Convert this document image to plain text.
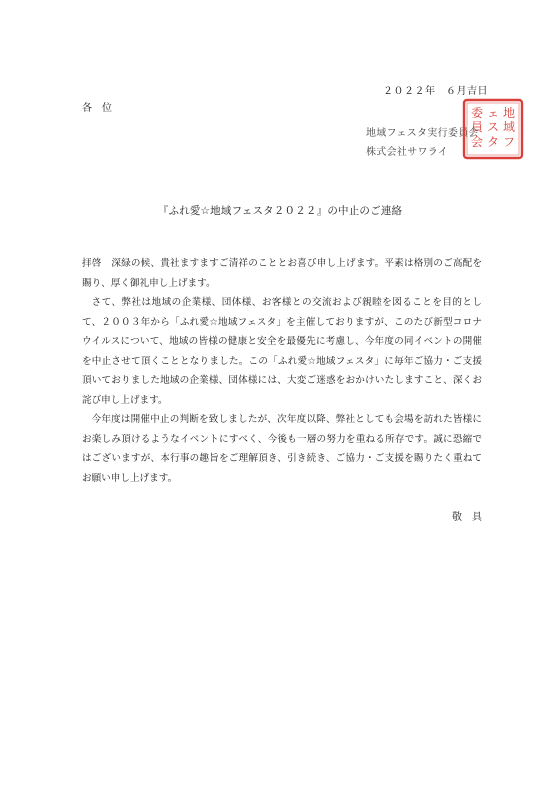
２０２２年　６月吉日
各　位
地域フェスタ実行委員会
株式会社サワライ
地
域
フ
ェ
ス
タ
委
員
会
『ふれ愛☆地域フェスタ２０２２』の中止のご連絡

拝啓　深緑の候、貴社ますますご清祥のこととお喜び申し上げます。平素は格別のご高配を賜り、厚く御礼申し上げます。

さて、弊社は地域の企業様、団体様、お客様との交流および親睦を図ることを目的として、２００３年から「ふれ愛☆地域フェスタ」を主催しておりますが、このたび新型コロナウイルスについて、地域の皆様の健康と安全を最優先に考慮し、今年度の同イベントの開催を中止させて頂くこととなりました。この「ふれ愛☆地域フェスタ」に毎年ご協力・ご支援頂いておりました地域の企業様、団体様には、大変ご迷惑をおかけいたしますこと、深くお詫び申し上げます。

今年度は開催中止の判断を致しましたが、次年度以降、弊社としても会場を訪れた皆様にお楽しみ頂けるようなイベントにすべく、今後も一層の努力を重ねる所存です。誠に恐縮ではございますが、本行事の趣旨をご理解頂き、引き続き、ご協力・ご支援を賜りたく重ねてお願い申し上げます。

敬　具
